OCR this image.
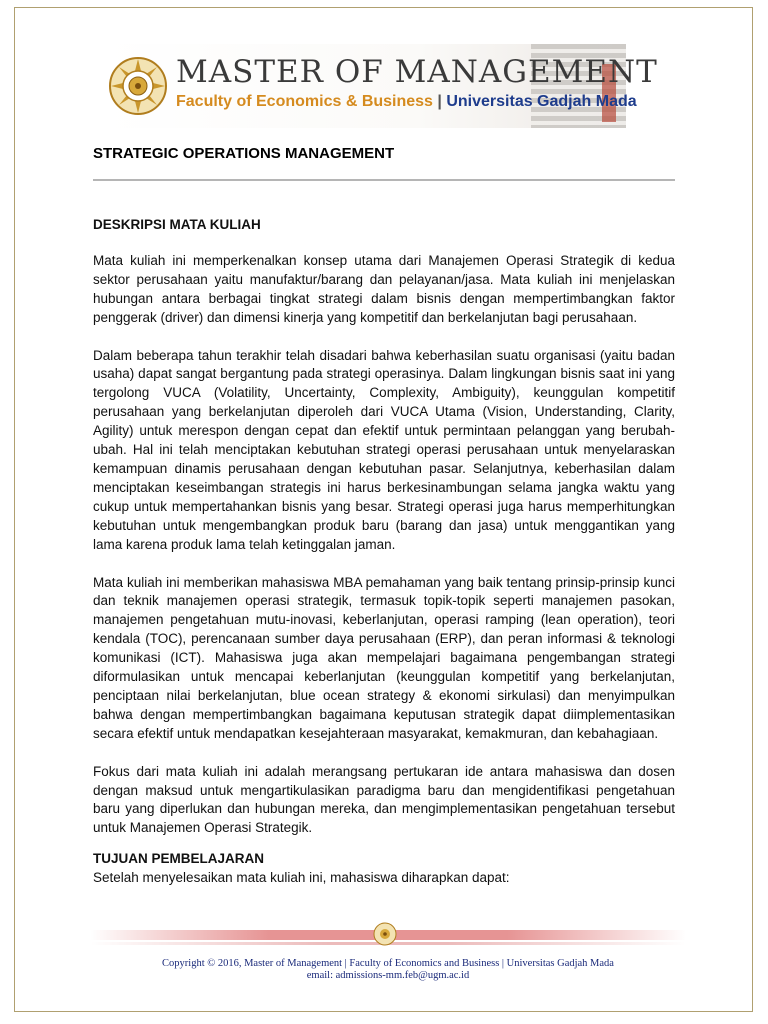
MASTER OF MANAGEMENT
Faculty of Economics & Business | Universitas Gadjah Mada
STRATEGIC OPERATIONS MANAGEMENT
DESKRIPSI MATA KULIAH

Mata kuliah ini memperkenalkan konsep utama dari Manajemen Operasi Strategik di kedua sektor perusahaan yaitu manufaktur/barang dan pelayanan/jasa. Mata kuliah ini menjelaskan hubungan antara berbagai tingkat strategi dalam bisnis dengan mempertimbangkan faktor penggerak (driver) dan dimensi kinerja yang kompetitif dan berkelanjutan bagi perusahaan.

Dalam beberapa tahun terakhir telah disadari bahwa keberhasilan suatu organisasi (yaitu badan usaha) dapat sangat bergantung pada strategi operasinya. Dalam lingkungan bisnis saat ini yang tergolong VUCA (Volatility, Uncertainty, Complexity, Ambiguity), keunggulan kompetitif perusahaan yang berkelanjutan diperoleh dari VUCA Utama (Vision, Understanding, Clarity, Agility) untuk merespon dengan cepat dan efektif untuk permintaan pelanggan yang berubah-ubah. Hal ini telah menciptakan kebutuhan strategi operasi perusahaan untuk menyelaraskan kemampuan dinamis perusahaan dengan kebutuhan pasar. Selanjutnya, keberhasilan dalam menciptakan keseimbangan strategis ini harus berkesinambungan selama jangka waktu yang cukup untuk mempertahankan bisnis yang besar. Strategi operasi juga harus memperhitungkan kebutuhan untuk mengembangkan produk baru (barang dan jasa) untuk menggantikan yang lama karena produk lama telah ketinggalan jaman.

Mata kuliah ini memberikan mahasiswa MBA pemahaman yang baik tentang prinsip-prinsip kunci dan teknik manajemen operasi strategik, termasuk topik-topik seperti manajemen pasokan, manajemen pengetahuan mutu-inovasi, keberlanjutan, operasi ramping (lean operation), teori kendala (TOC), perencanaan sumber daya perusahaan (ERP), dan peran informasi & teknologi komunikasi (ICT). Mahasiswa juga akan mempelajari bagaimana pengembangan strategi diformulasikan untuk mencapai keberlanjutan (keunggulan kompetitif yang berkelanjutan, penciptaan nilai berkelanjutan, blue ocean strategy & ekonomi sirkulasi) dan menyimpulkan bahwa dengan mempertimbangkan bagaimana keputusan strategik dapat diimplementasikan secara efektif untuk mendapatkan kesejahteraan masyarakat, kemakmuran, dan kebahagiaan.

Fokus dari mata kuliah ini adalah merangsang pertukaran ide antara mahasiswa dan dosen dengan maksud untuk mengartikulasikan paradigma baru dan mengidentifikasi pengetahuan baru yang diperlukan dan hubungan mereka, dan mengimplementasikan pengetahuan tersebut untuk Manajemen Operasi Strategik.

TUJUAN PEMBELAJARAN
Setelah menyelesaikan mata kuliah ini, mahasiswa diharapkan dapat:
Copyright © 2016, Master of Management | Faculty of Economics and Business | Universitas Gadjah Mada
email: admissions-mm.feb@ugm.ac.id
